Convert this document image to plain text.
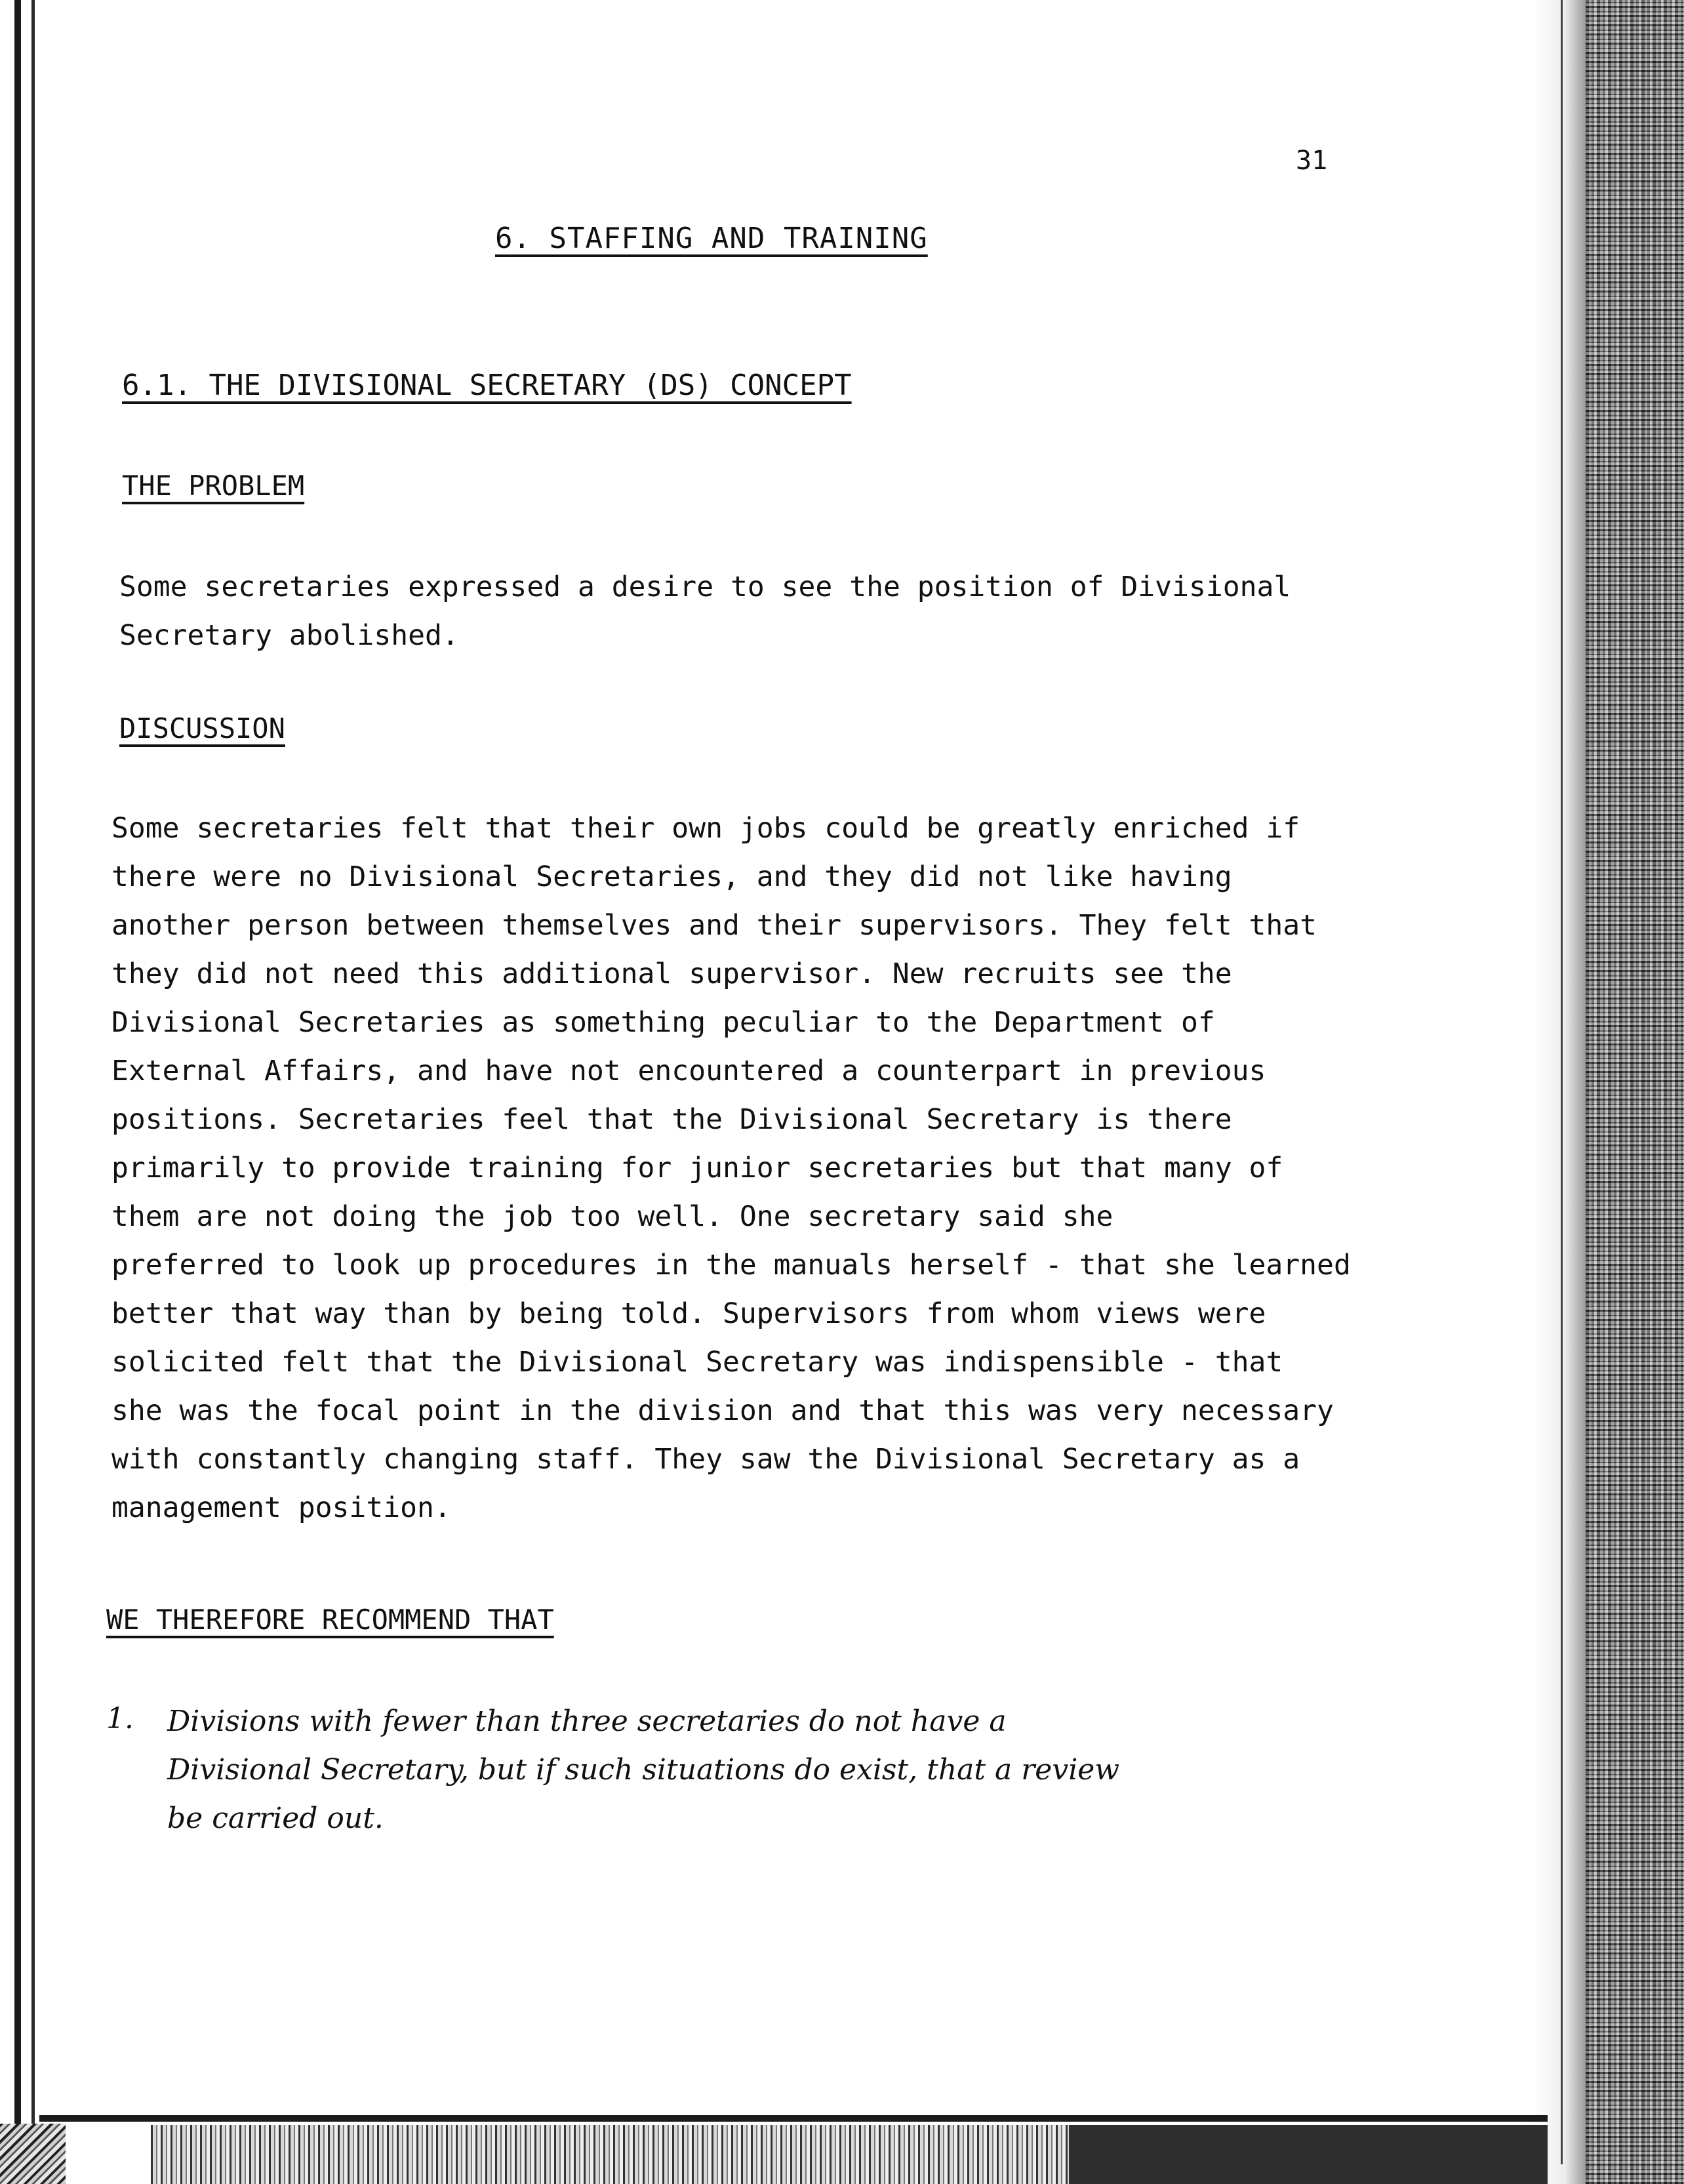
31
6. STAFFING AND TRAINING
6.1. THE DIVISIONAL SECRETARY (DS) CONCEPT
THE PROBLEM
Some secretaries expressed a desire to see the position of Divisional
Secretary abolished.
DISCUSSION
Some secretaries felt that their own jobs could be greatly enriched if
there were no Divisional Secretaries, and they did not like having
another person between themselves and their supervisors. They felt that
they did not need this additional supervisor. New recruits see the
Divisional Secretaries as something peculiar to the Department of
External Affairs, and have not encountered a counterpart in previous
positions. Secretaries feel that the Divisional Secretary is there
primarily to provide training for junior secretaries but that many of
them are not doing the job too well. One secretary said she
preferred to look up procedures in the manuals herself - that she learned
better that way than by being told. Supervisors from whom views were
solicited felt that the Divisional Secretary was indispensible - that
she was the focal point in the division and that this was very necessary
with constantly changing staff. They saw the Divisional Secretary as a
management position.
WE THEREFORE RECOMMEND THAT
1. Divisions with fewer than three secretaries do not have a
Divisional Secretary, but if such situations do exist, that a review
be carried out.
